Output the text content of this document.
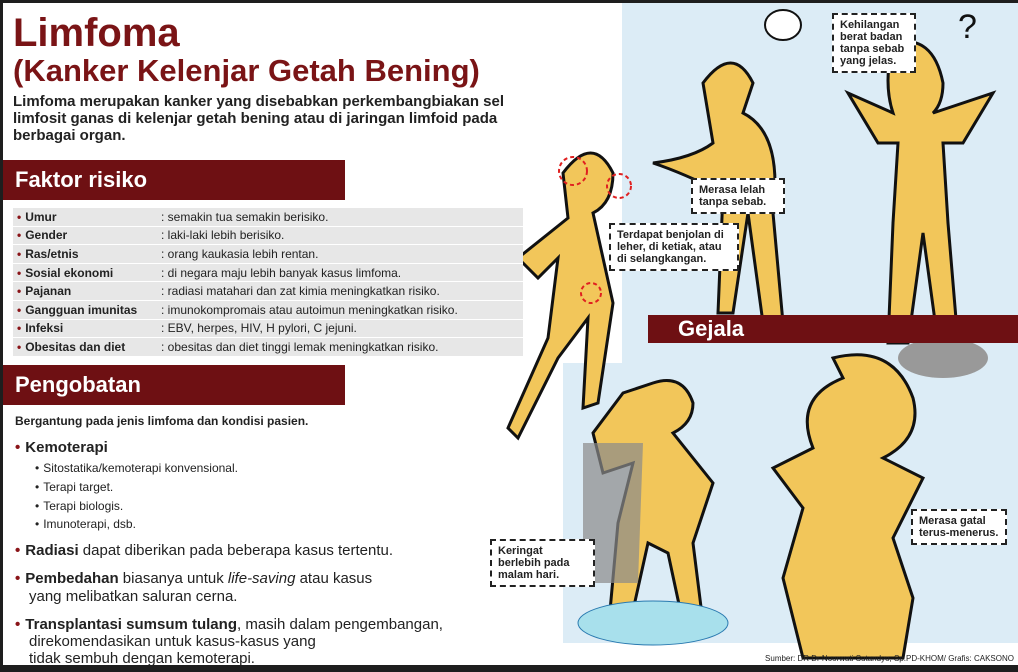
?
Limfoma
(Kanker Kelenjar Getah Bening)
Limfoma merupakan kanker yang disebabkan perkembangbiakan sel limfosit ganas di kelenjar getah bening atau di jaringan limfoid pada berbagai organ.
Faktor risiko
• Umur	: semakin tua semakin berisiko.
• Gender	: laki-laki lebih berisiko.
• Ras/etnis	: orang kaukasia lebih rentan.
• Sosial ekonomi	: di negara maju lebih banyak kasus limfoma.
• Pajanan	: radiasi matahari dan zat kimia meningkatkan risiko.
• Gangguan imunitas	: imunokompromais atau autoimun meningkatkan risiko.
• Infeksi	: EBV, herpes, HIV, H pylori, C jejuni.
• Obesitas dan diet	: obesitas dan diet tinggi lemak meningkatkan risiko.
Pengobatan
Bergantung pada jenis limfoma dan kondisi pasien.
• Kemoterapi
• Sitostatika/kemoterapi konvensional.
• Terapi target.
• Terapi biologis.
• Imunoterapi, dsb.
• Radiasi dapat diberikan pada beberapa kasus tertentu.
• Pembedahan biasanya untuk life-saving atau kasus
yang melibatkan saluran cerna.
• Transplantasi sumsum tulang, masih dalam pengembangan,
direkomendasikan untuk kasus-kasus yang
tidak sembuh dengan kemoterapi.
Gejala
Kehilangan berat badan tanpa sebab yang jelas.
Merasa lelah tanpa sebab.
Terdapat benjolan di leher, di ketiak, atau di selangkangan.
Keringat berlebih pada malam hari.
Merasa gatal terus-menerus.
Sumber: DR Dr Noorwati Sutandyo, Sp.PD-KHOM/ Grafis: CAKSONO
